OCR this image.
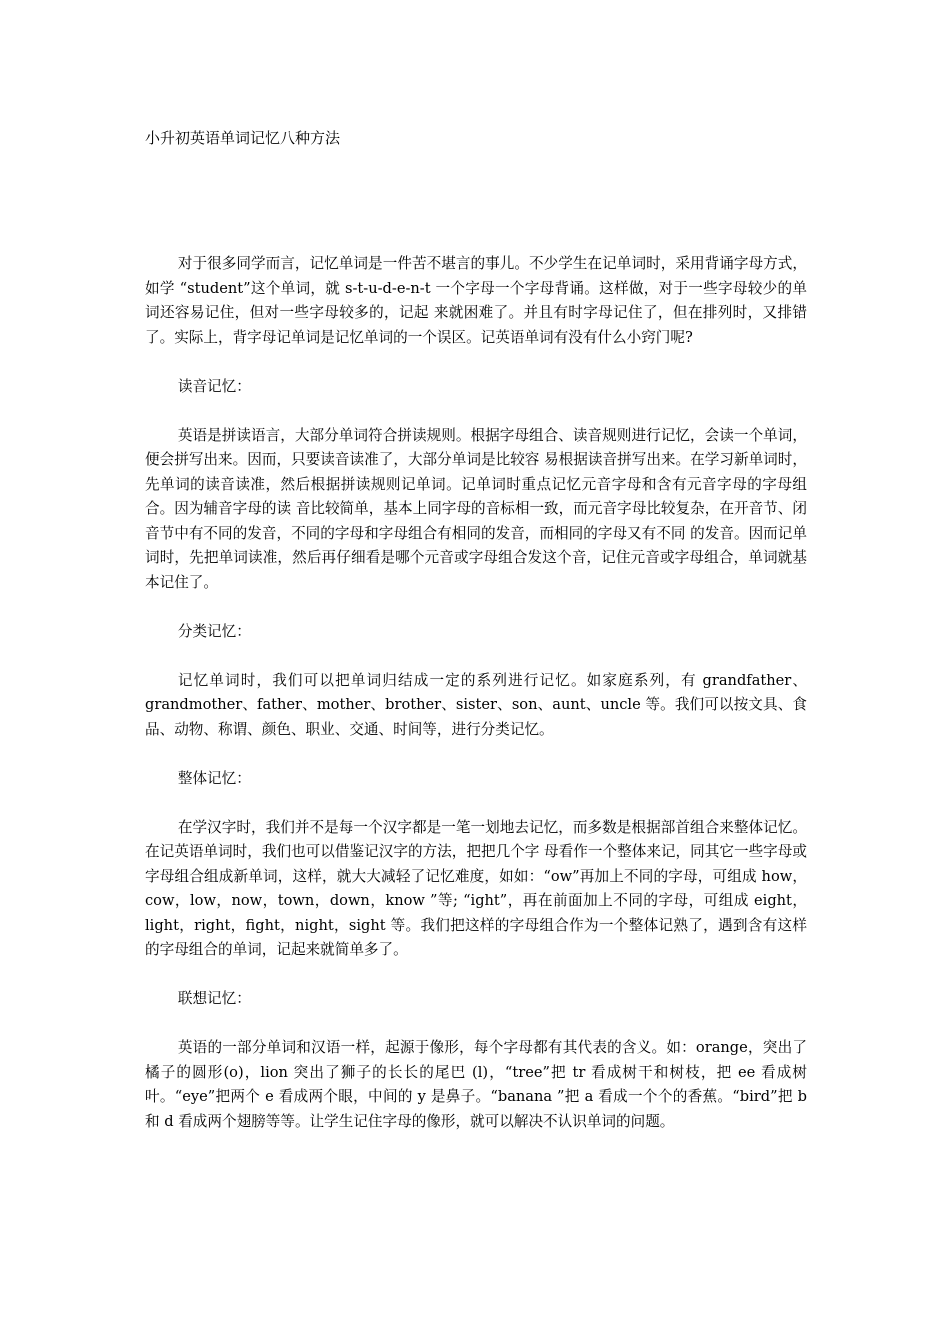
小升初英语单词记忆八种方法

对于很多同学而言，记忆单词是一件苦不堪言的事儿。不少学生在记单词时，采用背诵字母方式，如学 “student”这个单词，就 s-t-u-d-e-n-t 一个字母一个字母背诵。这样做，对于一些字母较少的单词还容易记住，但对一些字母较多的，记起 来就困难了。并且有时字母记住了，但在排列时，又排错了。实际上，背字母记单词是记忆单词的一个误区。记英语单词有没有什么小窍门呢?

读音记忆：

英语是拼读语言，大部分单词符合拼读规则。根据字母组合、读音规则进行记忆，会读一个单词，便会拼写出来。因而，只要读音读准了，大部分单词是比较容 易根据读音拼写出来。在学习新单词时，先单词的读音读准，然后根据拼读规则记单词。记单词时重点记忆元音字母和含有元音字母的字母组合。因为辅音字母的读 音比较简单，基本上同字母的音标相一致，而元音字母比较复杂，在开音节、闭音节中有不同的发音，不同的字母和字母组合有相同的发音，而相同的字母又有不同 的发音。因而记单词时，先把单词读准，然后再仔细看是哪个元音或字母组合发这个音，记住元音或字母组合，单词就基本记住了。

分类记忆：

记忆单词时，我们可以把单词归结成一定的系列进行记忆。如家庭系列，有 grandfather、grandmother、father、mother、brother、sister、son、aunt、uncle 等。我们可以按文具、食品、动物、称谓、颜色、职业、交通、时间等，进行分类记忆。

整体记忆：

在学汉字时，我们并不是每一个汉字都是一笔一划地去记忆，而多数是根据部首组合来整体记忆。在记英语单词时，我们也可以借鉴记汉字的方法，把把几个字 母看作一个整体来记，同其它一些字母或字母组合组成新单词，这样，就大大减轻了记忆难度，如如：“ow”再加上不同的字母，可组成 how，cow，low，now，town，down，know ”等; “ight”，再在前面加上不同的字母，可组成 eight，light，right，fight，night，sight 等。我们把这样的字母组合作为一个整体记熟了，遇到含有这样的字母组合的单词，记起来就简单多了。

联想记忆：

英语的一部分单词和汉语一样，起源于像形，每个字母都有其代表的含义。如：orange，突出了橘子的圆形(o)，lion 突出了狮子的长长的尾巴 (l)，“tree”把 tr 看成树干和树枝，把 ee 看成树叶。“eye”把两个 e 看成两个眼，中间的 y 是鼻子。“banana ”把 a 看成一个个的香蕉。“bird”把 b 和 d 看成两个翅膀等等。让学生记住字母的像形，就可以解决不认识单词的问题。
